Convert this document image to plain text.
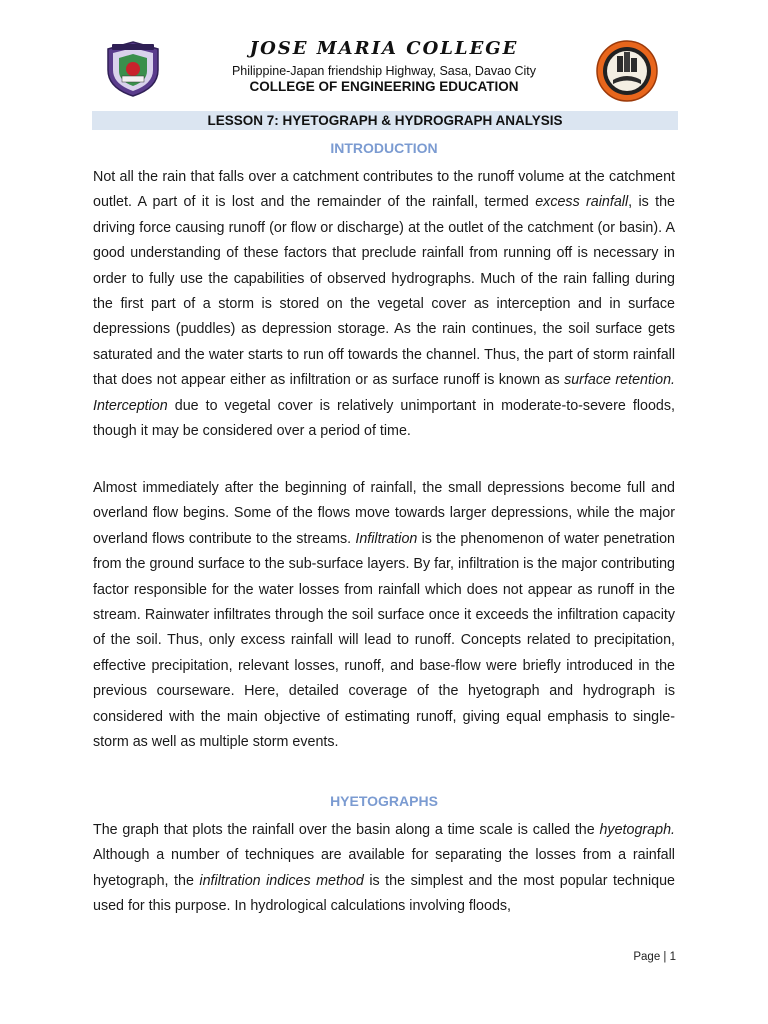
JOSE MARIA COLLEGE
Philippine-Japan friendship Highway, Sasa, Davao City
COLLEGE OF ENGINEERING EDUCATION
LESSON 7: HYETOGRAPH & HYDROGRAPH ANALYSIS
INTRODUCTION
Not all the rain that falls over a catchment contributes to the runoff volume at the catchment outlet. A part of it is lost and the remainder of the rainfall, termed excess rainfall, is the driving force causing runoff (or flow or discharge) at the outlet of the catchment (or basin). A good understanding of these factors that preclude rainfall from running off is necessary in order to fully use the capabilities of observed hydrographs. Much of the rain falling during the first part of a storm is stored on the vegetal cover as interception and in surface depressions (puddles) as depression storage. As the rain continues, the soil surface gets saturated and the water starts to run off towards the channel. Thus, the part of storm rainfall that does not appear either as infiltration or as surface runoff is known as surface retention. Interception due to vegetal cover is relatively unimportant in moderate-to-severe floods, though it may be considered over a period of time.
Almost immediately after the beginning of rainfall, the small depressions become full and overland flow begins. Some of the flows move towards larger depressions, while the major overland flows contribute to the streams. Infiltration is the phenomenon of water penetration from the ground surface to the sub-surface layers. By far, infiltration is the major contributing factor responsible for the water losses from rainfall which does not appear as runoff in the stream. Rainwater infiltrates through the soil surface once it exceeds the infiltration capacity of the soil. Thus, only excess rainfall will lead to runoff. Concepts related to precipitation, effective precipitation, relevant losses, runoff, and base-flow were briefly introduced in the previous courseware. Here, detailed coverage of the hyetograph and hydrograph is considered with the main objective of estimating runoff, giving equal emphasis to single-storm as well as multiple storm events.
HYETOGRAPHS
The graph that plots the rainfall over the basin along a time scale is called the hyetograph. Although a number of techniques are available for separating the losses from a rainfall hyetograph, the infiltration indices method is the simplest and the most popular technique used for this purpose. In hydrological calculations involving floods,
Page | 1
